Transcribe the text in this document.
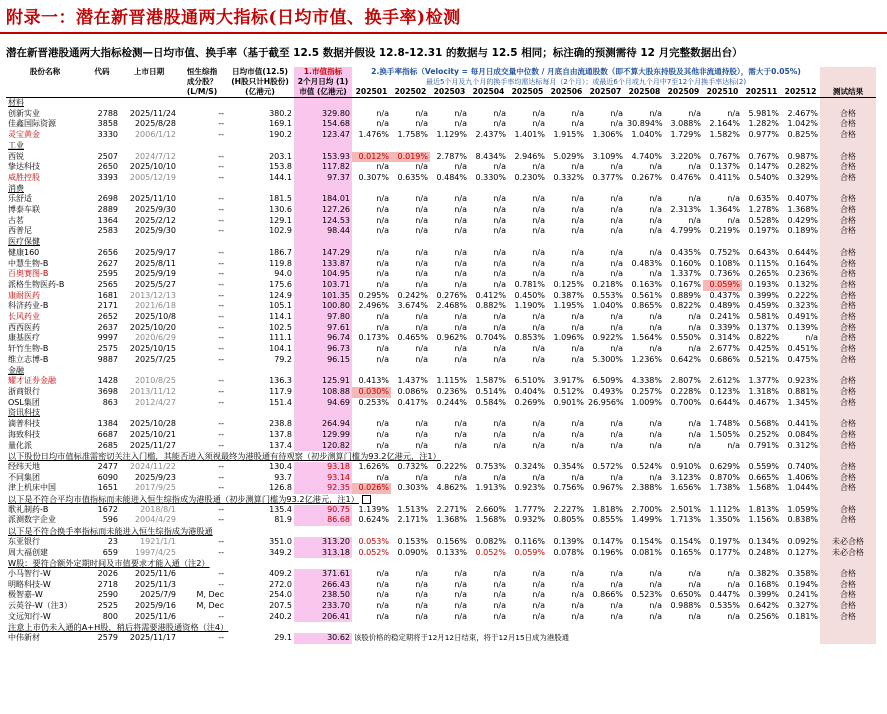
附录一：潜在新晋港股通两大指标(日均市值、换手率)检测
潜在新晋港股通两大指标检测—日均市值、换手率（基于截至 12.5 数据并假设 12.8-12.31 的数据与 12.5 相同；标注确的预测需待 12 月完整数据出台）
股份名称	代码	上市日期	恒生综指	日均市值(12.5)	1.市值指标	2.换手率指标（Velocity = 每月日成交量中位数 / 月底自由流通股数（即不算大股东持股及其他非流通持股），需大于0.05%)												
			成分股？	(H股只计H股份)	2个月日均 (1)	最近5个月及九个月的换手率均需达标每月（2个月）；或最近6个月或九个月中7至12个月换手率达标(2)												
			(L/M/S)	(亿港元)	市值 (亿港元)	202501	202502	202503	202504	202505	202506	202507	202508	202509	202510	202511	202512	测试结果
材料																		
创新实业	2788	2025/11/24	--	380.2	329.80	n/a	n/a	n/a	n/a	n/a	n/a	n/a	n/a	n/a	n/a	5.981%	2.467%	合格
佳鑫国际资源	3858	2025/8/28	--	169.1	154.68	n/a	n/a	n/a	n/a	n/a	n/a	n/a	30.894%	3.088%	2.164%	1.282%	1.042%	合格
灵宝黄金	3330	2006/1/12	--	190.2	123.47	1.476%	1.758%	1.129%	2.437%	1.401%	1.915%	1.306%	1.040%	1.729%	1.582%	0.977%	0.825%	合格
工业																		
西锐	2507	2024/7/12	--	203.1	153.93	0.012%	0.019%	2.787%	8.434%	2.946%	5.029%	3.109%	4.740%	3.220%	0.767%	0.767%	0.987%	合格
挚达科技	2650	2025/10/10	--	153.8	117.82	n/a	n/a	n/a	n/a	n/a	n/a	n/a	n/a	n/a	0.137%	0.147%	0.282%	合格
威胜控股	3393	2005/12/19	--	144.1	97.37	0.307%	0.635%	0.484%	0.330%	0.230%	0.332%	0.377%	0.267%	0.476%	0.411%	0.540%	0.329%	合格
消费																		
乐舒适	2698	2025/11/10	--	181.5	184.01	n/a	n/a	n/a	n/a	n/a	n/a	n/a	n/a	n/a	n/a	0.635%	0.407%	合格
博泰车联	2889	2025/9/30	--	130.6	127.26	n/a	n/a	n/a	n/a	n/a	n/a	n/a	n/a	2.313%	1.364%	1.278%	1.368%	合格
古茗	1364	2025/2/12	--	129.1	124.53	n/a	n/a	n/a	n/a	n/a	n/a	n/a	n/a	n/a	n/a	0.528%	0.429%	合格
西普尼	2583	2025/9/30	--	102.9	98.44	n/a	n/a	n/a	n/a	n/a	n/a	n/a	n/a	4.799%	0.219%	0.197%	0.189%	合格
医疗保健																		
健康160	2656	2025/9/17	--	186.7	147.29	n/a	n/a	n/a	n/a	n/a	n/a	n/a	n/a	0.435%	0.752%	0.643%	0.644%	合格
中慧生物-B	2627	2025/8/11	--	119.8	133.87	n/a	n/a	n/a	n/a	n/a	n/a	n/a	0.483%	0.160%	0.108%	0.115%	0.164%	合格
百奥赛图-B	2595	2025/9/19	--	94.0	104.95	n/a	n/a	n/a	n/a	n/a	n/a	n/a	n/a	1.337%	0.736%	0.265%	0.236%	合格
派格生物医药-B	2565	2025/5/27	--	175.6	103.71	n/a	n/a	n/a	n/a	0.781%	0.125%	0.218%	0.163%	0.167%	0.059%	0.193%	0.132%	合格
康耐医药	1681	2013/12/13	--	124.9	101.35	0.295%	0.242%	0.276%	0.412%	0.450%	0.387%	0.553%	0.561%	0.889%	0.437%	0.399%	0.222%	合格
科济药业-B	2171	2021/6/18	--	105.1	100.80	2.496%	3.674%	2.468%	0.882%	1.190%	1.195%	1.040%	0.865%	0.822%	0.489%	0.459%	0.323%	合格
长风药业	2652	2025/10/8	--	114.1	97.80	n/a	n/a	n/a	n/a	n/a	n/a	n/a	n/a	n/a	0.241%	0.581%	0.491%	合格
西西医药	2637	2025/10/20	--	102.5	97.61	n/a	n/a	n/a	n/a	n/a	n/a	n/a	n/a	n/a	0.339%	0.137%	0.139%	合格
康基医疗	9997	2020/6/29	--	111.1	96.74	0.173%	0.465%	0.962%	0.704%	0.853%	1.096%	0.922%	1.564%	0.550%	0.314%	0.822%	n/a	合格
轩竹生物-B	2575	2025/10/15	--	104.1	96.73	n/a	n/a	n/a	n/a	n/a	n/a	n/a	n/a	n/a	2.677%	0.425%	0.451%	合格
维立志博-B	9887	2025/7/25	--	79.2	96.15	n/a	n/a	n/a	n/a	n/a	n/a	5.300%	1.236%	0.642%	0.686%	0.521%	0.475%	合格
金融																		
耀才证券金融	1428	2010/8/25	--	136.3	125.91	0.413%	1.437%	1.115%	1.587%	6.510%	3.917%	6.509%	4.338%	2.807%	2.612%	1.377%	0.923%	合格
浙商银行	3698	2013/11/12	--	117.9	108.88	0.030%	0.086%	0.236%	0.514%	0.404%	0.512%	0.493%	0.257%	0.228%	0.123%	1.318%	0.881%	合格
OSL集团	863	2012/4/27	--	151.4	94.69	0.253%	0.417%	0.244%	0.584%	0.269%	0.901%	26.956%	1.009%	0.700%	0.644%	0.467%	1.345%	合格
资讯科技																		
滴普科技	1384	2025/10/28	--	238.8	264.94	n/a	n/a	n/a	n/a	n/a	n/a	n/a	n/a	n/a	1.748%	0.568%	0.441%	合格
海致科技	6687	2025/10/21	--	137.8	129.99	n/a	n/a	n/a	n/a	n/a	n/a	n/a	n/a	n/a	1.505%	0.252%	0.084%	合格
量化派	2685	2025/11/27	--	137.4	120.82	n/a	n/a	n/a	n/a	n/a	n/a	n/a	n/a	n/a	n/a	0.791%	0.312%	合格
以下股份日均市值标准需密切关注入门槛，其能否进入须视最终为港股通有待观察（初步测算门槛为93.2亿港元，注1）																		
经纬天地	2477	2024/11/22	--	130.4	93.18	1.626%	0.732%	0.222%	0.753%	0.324%	0.354%	0.572%	0.524%	0.910%	0.629%	0.559%	0.740%	合格
不同集团	6090	2025/9/23	--	93.7	93.14	n/a	n/a	n/a	n/a	n/a	n/a	n/a	n/a	3.123%	0.870%	0.665%	1.406%	合格
津上机床中国	1651	2017/9/25	--	126.8	92.35	0.026%	0.303%	4.862%	1.913%	0.923%	0.756%	0.967%	2.388%	1.656%	1.738%	1.568%	1.044%	合格
以下是不符合平均市值指标而未能进入恒生综指成为港股通（初步测算门槛为93.2亿港元，注1）																		
歌礼制药-B	1672	2018/8/1	--	135.4	90.75	1.139%	1.513%	2.271%	2.660%	1.777%	2.227%	1.818%	2.700%	2.501%	1.112%	1.813%	1.059%	合格
派测数字企业	596	2004/4/29	--	81.9	86.68	0.624%	2.171%	1.368%	1.568%	0.932%	0.805%	0.855%	1.499%	1.713%	1.350%	1.156%	0.838%	合格
以下是不符合换手率指标而未能进入恒生综指成为港股通																		
东亚银行	23	1921/1/1	--	351.0	313.20	0.053%	0.153%	0.156%	0.082%	0.116%	0.139%	0.147%	0.154%	0.154%	0.197%	0.134%	0.092%	未必合格
周大福创建	659	1997/4/25	--	349.2	313.18	0.052%	0.090%	0.133%	0.052%	0.059%	0.078%	0.196%	0.081%	0.165%	0.177%	0.248%	0.127%	未必合格
W股：要符合额外定期时间及市值要求才能入通（注2）																		
小马智行-W	2026	2025/11/6	--	409.2	371.61	n/a	n/a	n/a	n/a	n/a	n/a	n/a	n/a	n/a	n/a	0.382%	0.358%	合格
明略科技-W	2718	2025/11/3	--	272.0	266.43	n/a	n/a	n/a	n/a	n/a	n/a	n/a	n/a	n/a	n/a	0.168%	0.194%	合格
极智嘉-W	2590	2025/7/9	M, Dec	254.0	238.50	n/a	n/a	n/a	n/a	n/a	n/a	0.866%	0.523%	0.650%	0.447%	0.399%	0.241%	合格
云英谷-W（注3）	2525	2025/9/16	M, Dec	207.5	233.70	n/a	n/a	n/a	n/a	n/a	n/a	n/a	n/a	0.988%	0.535%	0.642%	0.327%	合格
文远知行-W	800	2025/11/6	--	240.2	206.41	n/a	n/a	n/a	n/a	n/a	n/a	n/a	n/a	n/a	n/a	0.256%	0.181%	合格
注意上市仍未入通的A+H股，稍后将需要港股通资格（注4）																		
中伟新材	2579	2025/11/17	--	29.1	30.62	该股价格的稳定期将于12月12日结束，将于12月15日成为港股通												
